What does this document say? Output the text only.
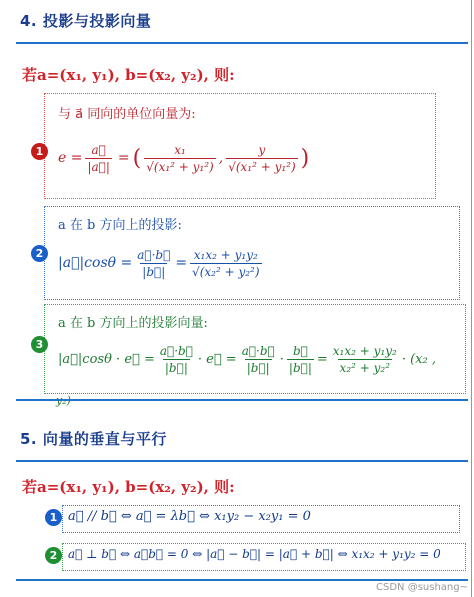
4. 投影与投影向量
若a=(x₁, y₁), b=(x₂, y₂), 则:
1
与 a⃗ 同向的单位向量为:
$e = \frac{a⃗}{|a⃗|}$ = ( $\frac{\text{x₁}}{\text{√(x₁² + y₁²)}}$ , $\frac{y}{\text{√(x₁² + y₁²)}}$ )
2
a 在 b 方向上的投影:
|a⃗|cosθ = $\frac{a⃗\cdot b⃗}{|b⃗|} = \frac{\text{x₁x₂ + y₁y₂}}{\text{√(x₂² + y₂²)}}$
3
a 在 b 方向上的投影向量:
|a⃗|cosθ · e⃗ = $\frac{a⃗\cdot b⃗}{|b⃗|}$ · e⃗ = $\frac{a⃗\cdot b⃗}{|b⃗|} \cdot \frac{b⃗}{|b⃗|} = \frac{\text{x₁x₂ + y₁y₂}}{\text{x₂² + y₂²}} \cdot (x_2$ ,
5. 向量的垂直与平行
若a=(x₁, y₁), b=(x₂, y₂), 则:
1 a⃗ // b⃗ ⇔ a⃗ = λb⃗ ⇔ x₁y₂ − x₂y₁ = 0
2 a⃗ ⊥ b⃗ ⇔ a⃗b⃗ = 0 ⇔ |a⃗ − b⃗| = |a⃗ + b⃗| ⇔ x₁x₂ + y₁y₂ = 0
CSDN @sushang~
